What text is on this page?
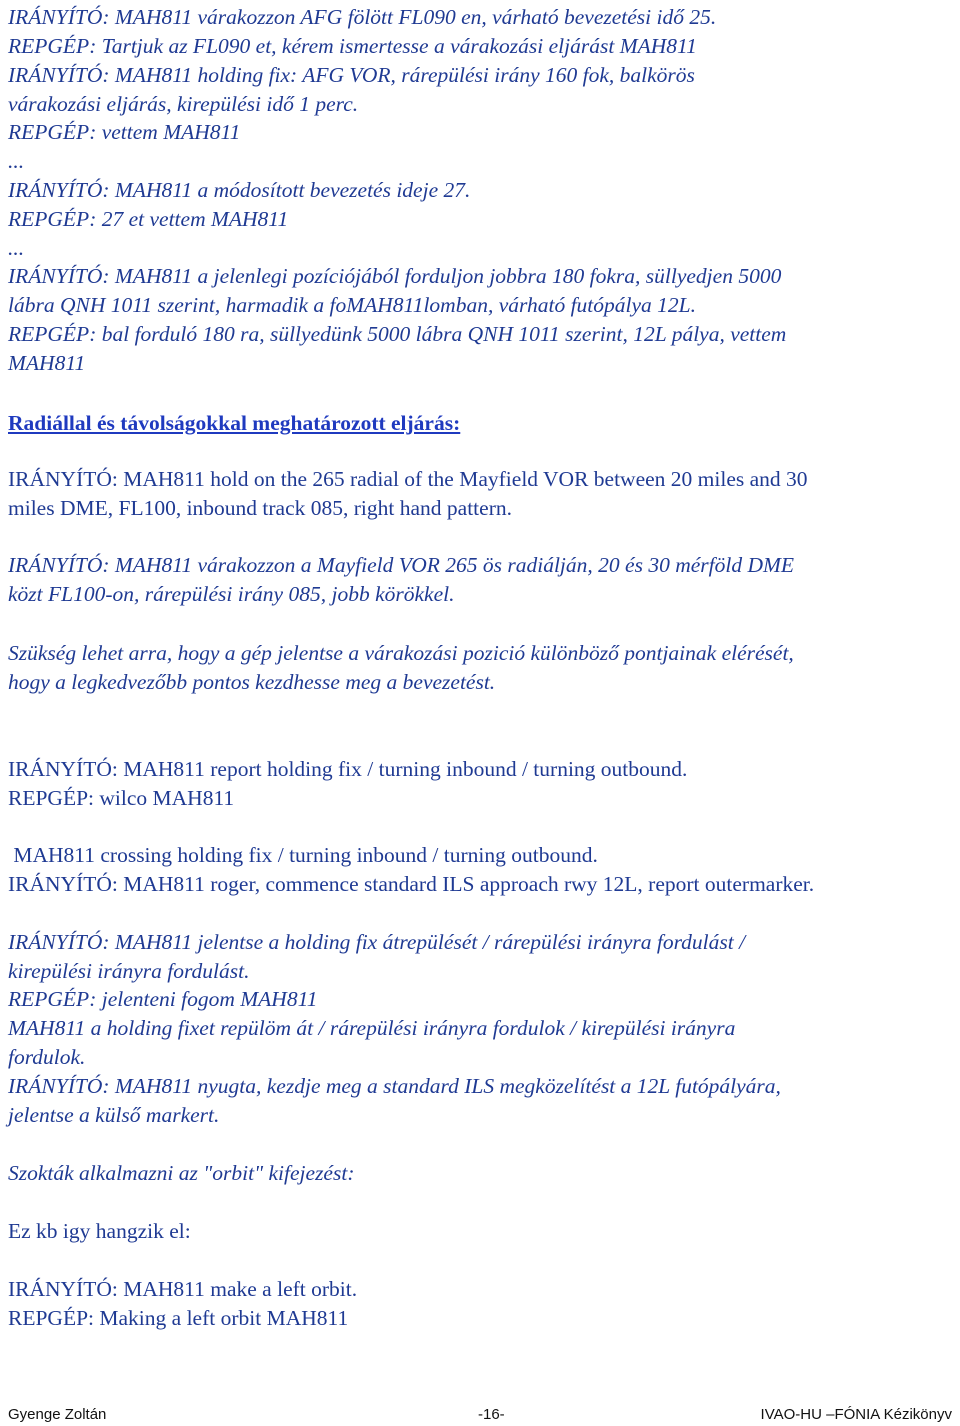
IRÁNYÍTÓ: MAH811 várakozzon AFG fölött FL090 en, várható bevezetési idő 25.
REPGÉP: Tartjuk az FL090 et, kérem ismertesse a várakozási eljárást MAH811
IRÁNYÍTÓ: MAH811 holding fix: AFG VOR, rárepülési irány 160 fok, balkörös
várakozási eljárás, kirepülési idő 1 perc.
REPGÉP: vettem MAH811
...
IRÁNYÍTÓ: MAH811 a módosított bevezetés ideje 27.
REPGÉP: 27 et vettem MAH811
...
IRÁNYÍTÓ: MAH811 a jelenlegi pozíciójából forduljon jobbra 180 fokra, süllyedjen 5000
lábra QNH 1011 szerint, harmadik a foMAH811lomban, várható futópálya 12L.
REPGÉP: bal forduló 180 ra, süllyedünk 5000 lábra QNH 1011 szerint, 12L pálya, vettem
MAH811
Radiállal és távolságokkal meghatározott eljárás:
IRÁNYÍTÓ: MAH811 hold on the 265 radial of the Mayfield VOR between 20 miles and 30
miles DME, FL100, inbound track 085, right hand pattern.
IRÁNYÍTÓ: MAH811 várakozzon a Mayfield VOR 265 ös radiálján, 20 és 30 mérföld DME
közt FL100-on, rárepülési irány 085, jobb körökkel.
Szükség lehet arra, hogy a gép jelentse a várakozási pozició különböző pontjainak elérését,
hogy a legkedvezőbb pontos kezdhesse meg a bevezetést.
IRÁNYÍTÓ: MAH811 report holding fix / turning inbound / turning outbound.
REPGÉP: wilco MAH811
MAH811 crossing holding fix / turning inbound / turning outbound.
IRÁNYÍTÓ: MAH811 roger, commence standard ILS approach rwy 12L, report outermarker.
IRÁNYÍTÓ: MAH811 jelentse a holding fix átrepülését / rárepülési irányra fordulást /
kirepülési irányra fordulást.
REPGÉP: jelenteni fogom MAH811
MAH811 a holding fixet repülöm át / rárepülési irányra fordulok / kirepülési irányra
fordulok.
IRÁNYÍTÓ: MAH811 nyugta, kezdje meg a standard ILS megközelítést a 12L futópályára,
jelentse a külső markert.
Szokták alkalmazni az "orbit" kifejezést:
Ez kb igy hangzik el:
IRÁNYÍTÓ: MAH811 make a left orbit.
REPGÉP: Making a left orbit MAH811
Gyenge Zoltán	-16-	IVAO-HU –FÓNIA Kézikönyv
